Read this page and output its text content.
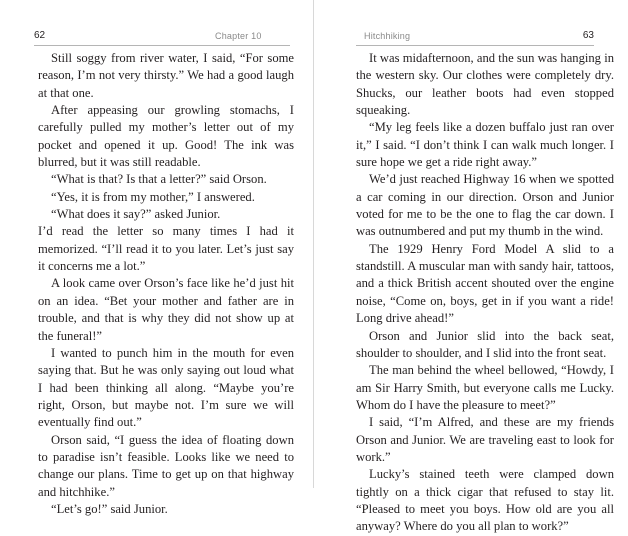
62	Chapter 10

Still soggy from river water, I said, “For some reason, I’m not very thirsty.” We had a good laugh at that one.

After appeasing our growling stomachs, I carefully pulled my mother’s letter out of my pocket and opened it up. Good! The ink was blurred, but it was still readable.

“What is that? Is that a letter?” said Orson.

“Yes, it is from my mother,” I answered.

“What does it say?” asked Junior.

I’d read the letter so many times I had it memorized. “I’ll read it to you later. Let’s just say it concerns me a lot.”

A look came over Orson’s face like he’d just hit on an idea. “Bet your mother and father are in trouble, and that is why they did not show up at the funeral!”

I wanted to punch him in the mouth for even saying that. But he was only saying out loud what I had been thinking all along. “Maybe you’re right, Orson, but maybe not. I’m sure we will eventually find out.”

Orson said, “I guess the idea of floating down to paradise isn’t feasible. Looks like we need to change our plans. Time to get up on that highway and hitchhike.”

“Let’s go!” said Junior.

Hitchhiking	63

It was midafternoon, and the sun was hanging in the western sky. Our clothes were completely dry. Shucks, our leather boots had even stopped squeaking.

“My leg feels like a dozen buffalo just ran over it,” I said. “I don’t think I can walk much longer. I sure hope we get a ride right away.”

We’d just reached Highway 16 when we spotted a car coming in our direction. Orson and Junior voted for me to be the one to flag the car down. I was outnumbered and put my thumb in the wind.

The 1929 Henry Ford Model A slid to a standstill. A muscular man with sandy hair, tattoos, and a thick British accent shouted over the engine noise, “Come on, boys, get in if you want a ride! Long drive ahead!”

Orson and Junior slid into the back seat, shoulder to shoulder, and I slid into the front seat.

The man behind the wheel bellowed, “Howdy, I am Sir Harry Smith, but everyone calls me Lucky. Whom do I have the pleasure to meet?”

I said, “I’m Alfred, and these are my friends Orson and Junior. We are traveling east to look for work.”

Lucky’s stained teeth were clamped down tightly on a thick cigar that refused to stay lit. “Pleased to meet you boys. How old are you all anyway? Where do you all plan to work?”
